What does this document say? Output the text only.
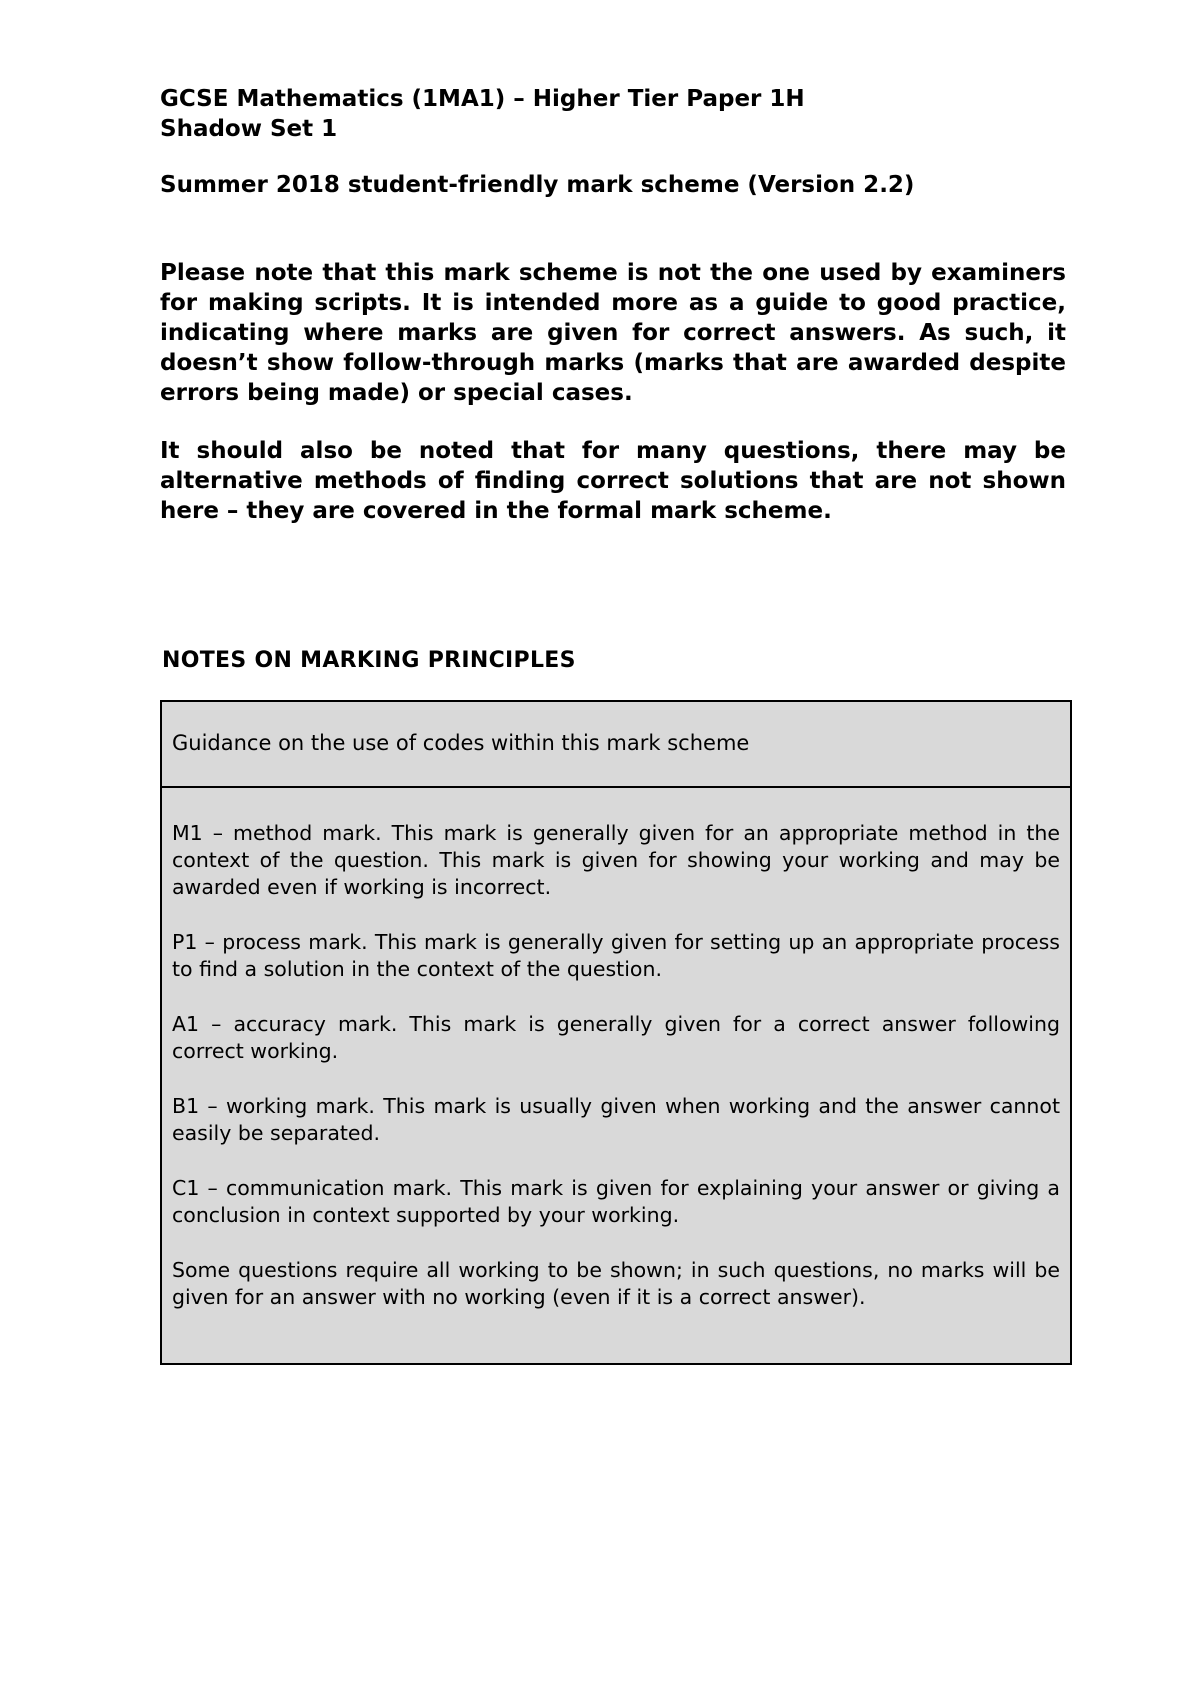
GCSE Mathematics (1MA1) – Higher Tier Paper 1H

Shadow Set 1

Summer 2018 student-friendly mark scheme (Version 2.2)

Please note that this mark scheme is not the one used by examiners for making scripts. It is intended more as a guide to good practice, indicating where marks are given for correct answers. As such, it doesn’t show follow-through marks (marks that are awarded despite errors being made) or special cases.

It should also be noted that for many questions, there may be alternative methods of finding correct solutions that are not shown here – they are covered in the formal mark scheme.

NOTES ON MARKING PRINCIPLES

Guidance on the use of codes within this mark scheme

M1 – method mark. This mark is generally given for an appropriate method in the context of the question. This mark is given for showing your working and may be awarded even if working is incorrect.

P1 – process mark. This mark is generally given for setting up an appropriate process to find a solution in the context of the question.

A1 – accuracy mark. This mark is generally given for a correct answer following correct working.

B1 – working mark. This mark is usually given when working and the answer cannot easily be separated.

C1 – communication mark. This mark is given for explaining your answer or giving a conclusion in context supported by your working.

Some questions require all working to be shown; in such questions, no marks will be given for an answer with no working (even if it is a correct answer).
